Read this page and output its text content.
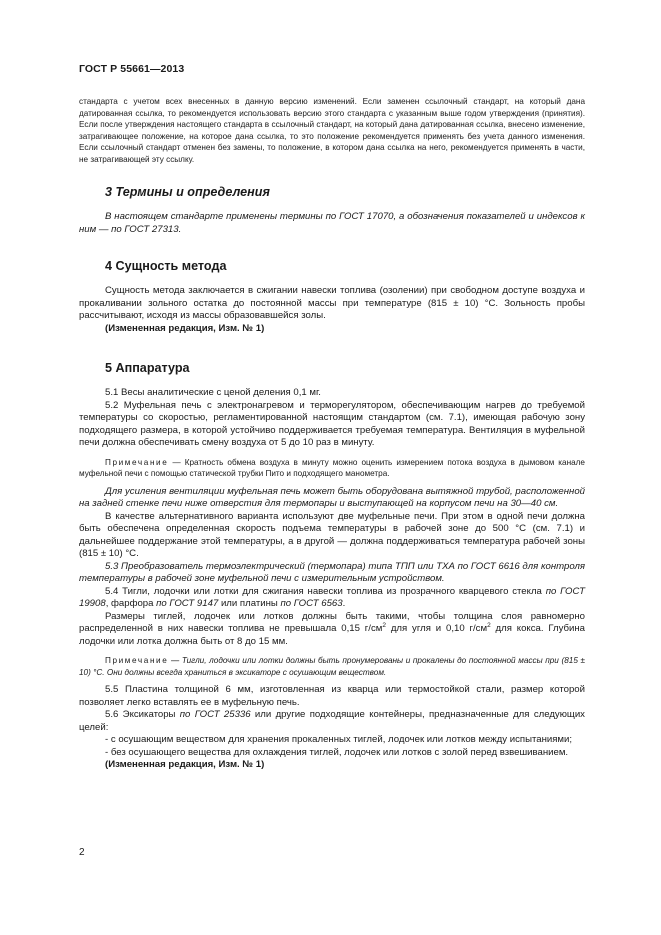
ГОСТ Р 55661—2013

стандарта с учетом всех внесенных в данную версию изменений. Если заменен ссылочный стандарт, на который дана датированная ссылка, то рекомендуется использовать версию этого стандарта с указанным выше годом утверждения (принятия). Если после утверждения настоящего стандарта в ссылочный стандарт, на который дана датированная ссылка, внесено изменение, затрагивающее положение, на которое дана ссылка, то это положение рекомендуется применять без учета данного изменения. Если ссылочный стандарт отменен без замены, то положение, в котором дана ссылка на него, рекомендуется применять в части, не затрагивающей эту ссылку.

3 Термины и определения

В настоящем стандарте применены термины по ГОСТ 17070, а обозначения показателей и индексов к ним — по ГОСТ 27313.

4 Сущность метода

Сущность метода заключается в сжигании навески топлива (озолении) при свободном доступе воздуха и прокаливании зольного остатка до постоянной массы при температуре (815 ± 10) °С. Зольность пробы рассчитывают, исходя из массы образовавшейся золы.

(Измененная редакция, Изм. № 1)

5 Аппаратура

5.1 Весы аналитические с ценой деления 0,1 мг.

5.2 Муфельная печь с электронагревом и терморегулятором, обеспечивающим нагрев до требуемой температуры со скоростью, регламентированной настоящим стандартом (см. 7.1), имеющая рабочую зону подходящего размера, в которой устойчиво поддерживается требуемая температура. Вентиляция в муфельной печи должна обеспечивать смену воздуха от 5 до 10 раз в минуту.

Примечание — Кратность обмена воздуха в минуту можно оценить измерением потока воздуха в дымовом канале муфельной печи с помощью статической трубки Пито и подходящего манометра.

Для усиления вентиляции муфельная печь может быть оборудована вытяжной трубой, расположенной на задней стенке печи ниже отверстия для термопары и выступающей на корпусом печи на 30—40 см.

В качестве альтернативного варианта используют две муфельные печи. При этом в одной печи должна быть обеспечена определенная скорость подъема температуры в рабочей зоне до 500 °С (см. 7.1) и дальнейшее поддержание этой температуры, а в другой — должна поддерживаться температура рабочей зоны (815 ± 10) °С.

5.3 Преобразователь термоэлектрический (термопара) типа ТПП или ТХА по ГОСТ 6616 для контроля температуры в рабочей зоне муфельной печи с измерительным устройством.

5.4 Тигли, лодочки или лотки для сжигания навески топлива из прозрачного кварцевого стекла по ГОСТ 19908, фарфора по ГОСТ 9147 или платины по ГОСТ 6563.

Размеры тиглей, лодочек или лотков должны быть такими, чтобы толщина слоя равномерно распределенной в них навески топлива не превышала 0,15 $г/см^2$ для угля и 0,10 $г/см^2$ для кокса. Глубина лодочки или лотка должна быть от 8 до 15 мм.

Примечание — Тигли, лодочки или лотки должны быть пронумерованы и прокалены до постоянной массы при (815 ± 10) °С. Они должны всегда храниться в эксикаторе с осушающим веществом.

5.5 Пластина толщиной 6 мм, изготовленная из кварца или термостойкой стали, размер которой позволяет легко вставлять ее в муфельную печь.

5.6 Эксикаторы по ГОСТ 25336 или другие подходящие контейнеры, предназначенные для следующих целей:

- с осушающим веществом для хранения прокаленных тиглей, лодочек или лотков между испытаниями;

- без осушающего вещества для охлаждения тиглей, лодочек или лотков с золой перед взвешиванием.

(Измененная редакция, Изм. № 1)

2
